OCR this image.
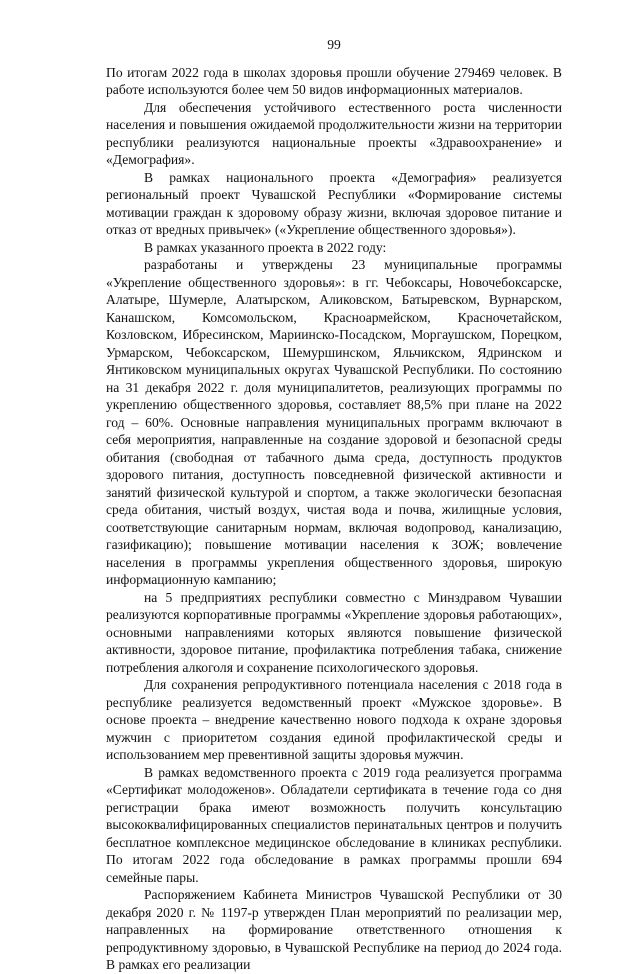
99

По итогам 2022 года в школах здоровья прошли обучение 279469 человек. В работе используются более чем 50 видов информационных материалов.

Для обеспечения устойчивого естественного роста численности населения и повышения ожидаемой продолжительности жизни на территории республики реализуются национальные проекты «Здравоохранение» и «Демография».

В рамках национального проекта «Демография» реализуется региональный проект Чувашской Республики «Формирование системы мотивации граждан к здоровому образу жизни, включая здоровое питание и отказ от вредных привычек» («Укрепление общественного здоровья»).

В рамках указанного проекта в 2022 году:

разработаны и утверждены 23 муниципальные программы «Укрепление общественного здоровья»: в гг. Чебоксары, Новочебоксарске, Алатыре, Шумерле, Алатырском, Аликовском, Батыревском, Вурнарском, Канашском, Комсомольском, Красноармейском, Красночетайском, Козловском, Ибресинском, Мариинско-Посадском, Моргаушском, Порецком, Урмарском, Чебоксарском, Шемуршинском, Яльчикском, Ядринском и Янтиковском муниципальных округах Чувашской Республики. По состоянию на 31 декабря 2022 г. доля муниципалитетов, реализующих программы по укреплению общественного здоровья, составляет 88,5% при плане на 2022 год – 60%. Основные направления муниципальных программ включают в себя мероприятия, направленные на создание здоровой и безопасной среды обитания (свободная от табачного дыма среда, доступность продуктов здорового питания, доступность повседневной физической активности и занятий физической культурой и спортом, а также экологически безопасная среда обитания, чистый воздух, чистая вода и почва, жилищные условия, соответствующие санитарным нормам, включая водопровод, канализацию, газификацию); повышение мотивации населения к ЗОЖ; вовлечение населения в программы укрепления общественного здоровья, широкую информационную кампанию;

на 5 предприятиях республики совместно с Минздравом Чувашии реализуются корпоративные программы «Укрепление здоровья работающих», основными направлениями которых являются повышение физической активности, здоровое питание, профилактика потребления табака, снижение потребления алкоголя и сохранение психологического здоровья.

Для сохранения репродуктивного потенциала населения с 2018 года в республике реализуется ведомственный проект «Мужское здоровье». В основе проекта – внедрение качественно нового подхода к охране здоровья мужчин с приоритетом создания единой профилактической среды и использованием мер превентивной защиты здоровья мужчин.

В рамках ведомственного проекта с 2019 года реализуется программа «Сертификат молодоженов». Обладатели сертификата в течение года со дня регистрации брака имеют возможность получить консультацию высококвалифицированных специалистов перинатальных центров и получить бесплатное комплексное медицинское обследование в клиниках республики. По итогам 2022 года обследование в рамках программы прошли 694 семейные пары.

Распоряжением Кабинета Министров Чувашской Республики от 30 декабря 2020 г. № 1197-р утвержден План мероприятий по реализации мер, направленных на формирование ответственного отношения к репродуктивному здоровью, в Чувашской Республике на период до 2024 года. В рамках его реализации
